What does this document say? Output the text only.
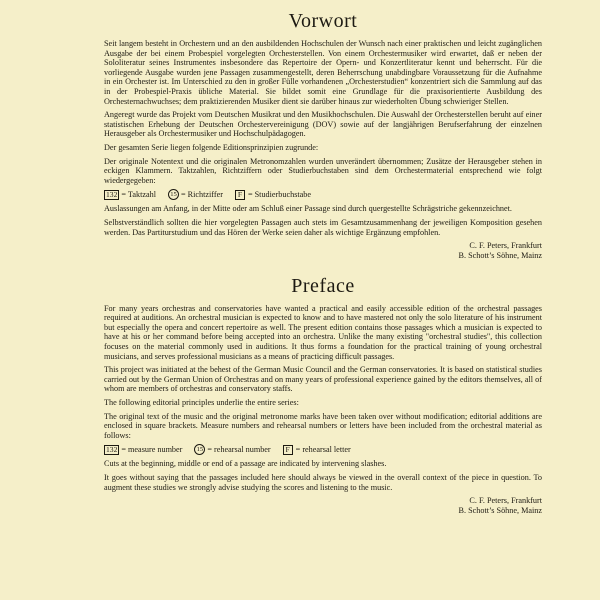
Vorwort

Seit langem besteht in Orchestern und an den ausbildenden Hochschulen der Wunsch nach einer praktischen und leicht zugänglichen Ausgabe der bei einem Probespiel vorgelegten Orchesterstellen. Von einem Orchestermusiker wird erwartet, daß er neben der Sololiteratur seines Instrumentes insbesondere das Repertoire der Opern- und Konzertliteratur kennt und beherrscht. Für die vorliegende Ausgabe wurden jene Passagen zusammengestellt, deren Beherrschung unabdingbare Voraussetzung für die Aufnahme in ein Orchester ist. Im Unterschied zu den in großer Fülle vorhandenen „Orchesterstudien“ konzentriert sich die Sammlung auf das in der Probespiel-Praxis übliche Material. Sie bildet somit eine Grundlage für die praxisorientierte Ausbildung des Orchesternachwuchses; dem praktizierenden Musiker dient sie darüber hinaus zur wiederholten Übung schwieriger Stellen.

Angeregt wurde das Projekt vom Deutschen Musikrat und den Musikhochschulen. Die Auswahl der Orchesterstellen beruht auf einer statistischen Erhebung der Deutschen Orchestervereinigung (DOV) sowie auf der langjährigen Berufserfahrung der einzelnen Herausgeber als Orchestermusiker und Hochschulpädagogen.

Der gesamten Serie liegen folgende Editionsprinzipien zugrunde:

Der originale Notentext und die originalen Metronomzahlen wurden unverändert übernommen; Zusätze der Herausgeber stehen in eckigen Klammern. Taktzahlen, Richtziffern oder Studierbuchstaben sind dem Orchestermaterial entsprechend wie folgt wiedergegeben:

132 = Taktzahl	15 = Richtziffer	F = Studierbuchstabe

Auslassungen am Anfang, in der Mitte oder am Schluß einer Passage sind durch quergestellte Schrägstriche gekennzeichnet.

Selbstverständlich sollten die hier vorgelegten Passagen auch stets im Gesamtzusammenhang der jeweiligen Komposition gesehen werden. Das Partiturstudium und das Hören der Werke seien daher als wichtige Ergänzung empfohlen.

C. F. Peters, Frankfurt
B. Schott’s Söhne, Mainz
Preface

For many years orchestras and conservatories have wanted a practical and easily accessible edition of the orchestral passages required at auditions. An orchestral musician is expected to know and to have mastered not only the solo literature of his instrument but especially the opera and concert repertoire as well. The present edition contains those passages which a musician is expected to have at his or her command before being accepted into an orchestra. Unlike the many existing "orchestral studies", this collection focuses on the material commonly used in auditions. It thus forms a foundation for the practical training of young orchestral musicians, and serves professional musicians as a means of practicing difficult passages.

This project was initiated at the behest of the German Music Council and the German conservatories. It is based on statistical studies carried out by the German Union of Orchestras and on many years of professional experience gained by the editors themselves, all of whom are members of orchestras and conservatory staffs.

The following editorial principles underlie the entire series:

The original text of the music and the original metronome marks have been taken over without modification; editorial additions are enclosed in square brackets. Measure numbers and rehearsal numbers or letters have been included from the orchestral material as follows:

132 = measure number	15 = rehearsal number	F = rehearsal letter

Cuts at the beginning, middle or end of a passage are indicated by intervening slashes.

It goes without saying that the passages included here should always be viewed in the overall context of the piece in question. To augment these studies we strongly advise studying the scores and listening to the music.

C. F. Peters, Frankfurt
B. Schott’s Söhne, Mainz
